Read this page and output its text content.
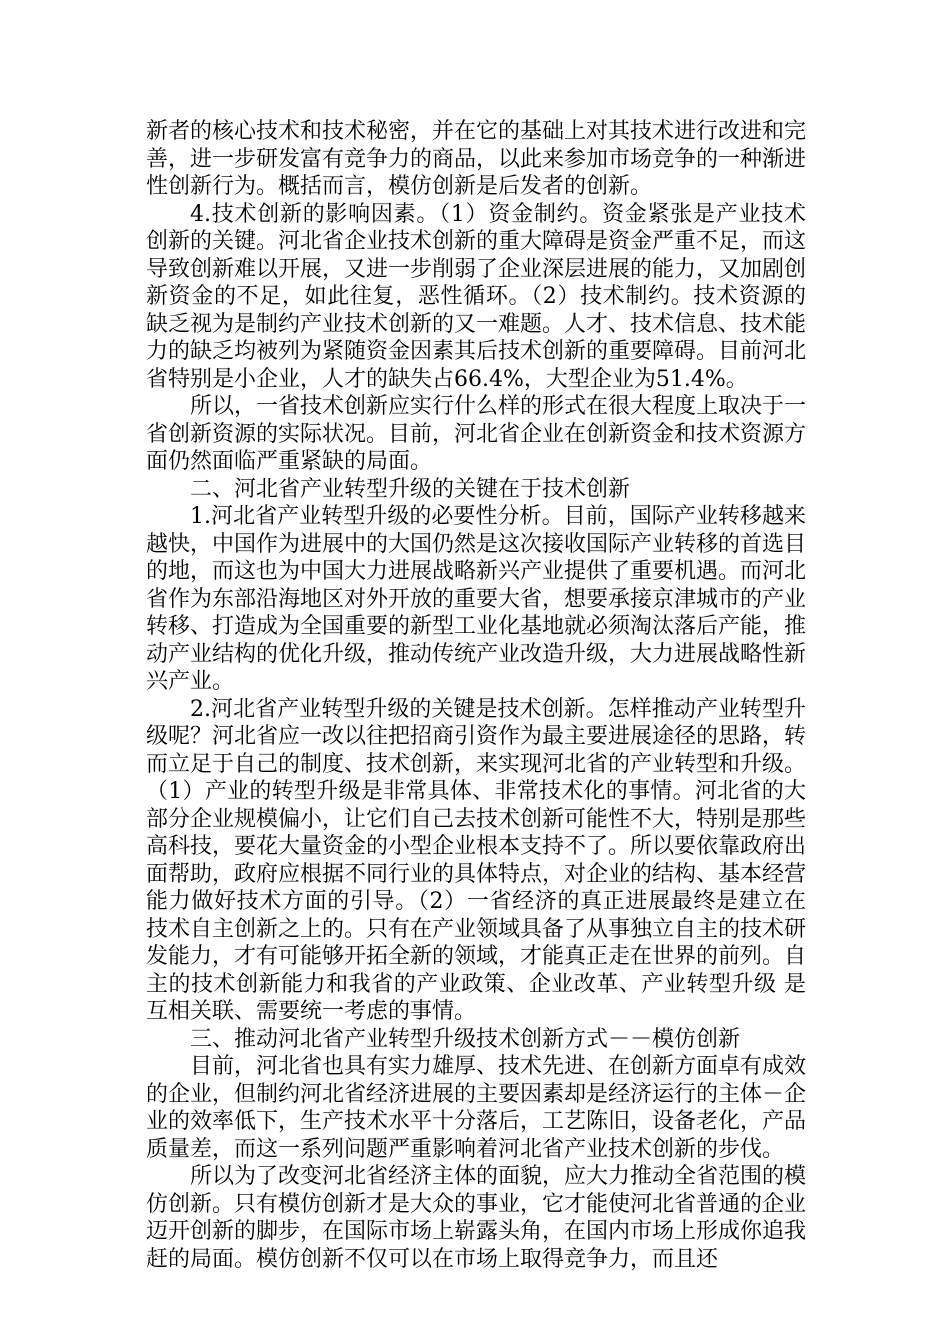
新者的核心技术和技术秘密，并在它的基础上对其技术进行改进和完善，进一步研发富有竞争力的商品，以此来参加市场竞争的一种渐进性创新行为。概括而言，模仿创新是后发者的创新。

4.技术创新的影响因素。（1）资金制约。资金紧张是产业技术创新的关键。河北省企业技术创新的重大障碍是资金严重不足，而这导致创新难以开展，又进一步削弱了企业深层进展的能力，又加剧创新资金的不足，如此往复，恶性循环。（2）技术制约。技术资源的缺乏视为是制约产业技术创新的又一难题。人才、技术信息、技术能力的缺乏均被列为紧随资金因素其后技术创新的重要障碍。目前河北省特别是小企业，人才的缺失占66.4%，大型企业为51.4%。

所以，一省技术创新应实行什么样的形式在很大程度上取决于一省创新资源的实际状况。目前，河北省企业在创新资金和技术资源方面仍然面临严重紧缺的局面。

二、河北省产业转型升级的关键在于技术创新

1.河北省产业转型升级的必要性分析。目前，国际产业转移越来越快，中国作为进展中的大国仍然是这次接收国际产业转移的首选目的地，而这也为中国大力进展战略新兴产业提供了重要机遇。而河北省作为东部沿海地区对外开放的重要大省，想要承接京津城市的产业转移、打造成为全国重要的新型工业化基地就必须淘汰落后产能，推动产业结构的优化升级，推动传统产业改造升级，大力进展战略性新兴产业。

2.河北省产业转型升级的关键是技术创新。怎样推动产业转型升级呢？河北省应一改以往把招商引资作为最主要进展途径的思路，转而立足于自己的制度、技术创新，来实现河北省的产业转型和升级。（1）产业的转型升级是非常具体、非常技术化的事情。河北省的大部分企业规模偏小，让它们自己去技术创新可能性不大，特别是那些高科技，要花大量资金的小型企业根本支持不了。所以要依靠政府出面帮助，政府应根据不同行业的具体特点，对企业的结构、基本经营能力做好技术方面的引导。（2）一省经济的真正进展最终是建立在技术自主创新之上的。只有在产业领域具备了从事独立自主的技术研发能力，才有可能够开拓全新的领域，才能真正走在世界的前列。自主的技术创新能力和我省的产业政策、企业改革、产业转型升级 是互相关联、需要统一考虑的事情。

三、推动河北省产业转型升级技术创新方式－－模仿创新

目前，河北省也具有实力雄厚、技术先进、在创新方面卓有成效的企业，但制约河北省经济进展的主要因素却是经济运行的主体－企业的效率低下，生产技术水平十分落后，工艺陈旧，设备老化，产品质量差，而这一系列问题严重影响着河北省产业技术创新的步伐。

所以为了改变河北省经济主体的面貌，应大力推动全省范围的模仿创新。只有模仿创新才是大众的事业，它才能使河北省普通的企业迈开创新的脚步，在国际市场上崭露头角，在国内市场上形成你追我赶的局面。模仿创新不仅可以在市场上取得竞争力，而且还
